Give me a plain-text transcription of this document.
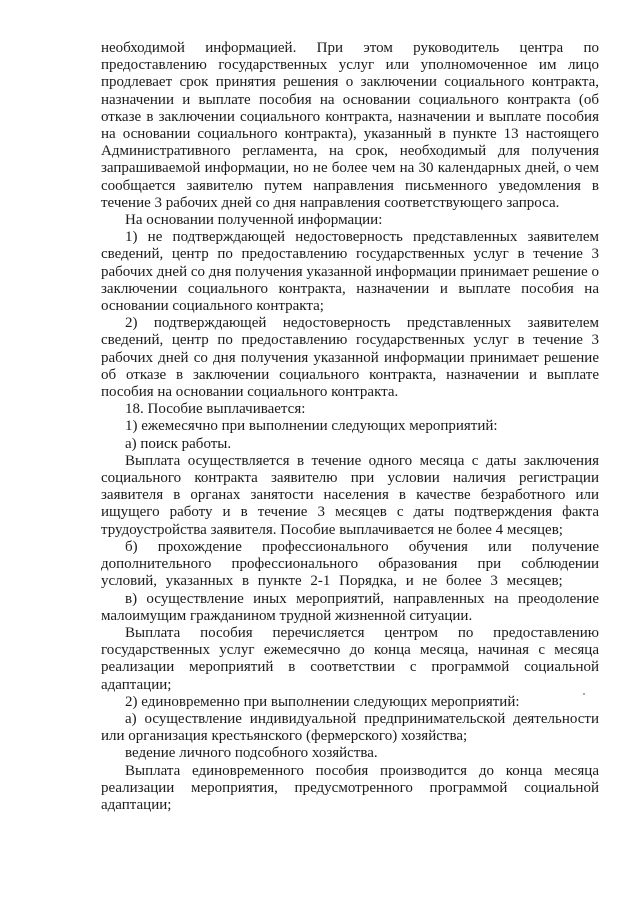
необходимой информацией. При этом руководитель центра по предоставлению государственных услуг или уполномоченное им лицо продлевает срок принятия решения о заключении социального контракта, назначении и выплате пособия на основании социального контракта (об отказе в заключении социального контракта, назначении и выплате пособия на основании социального контракта), указанный в пункте 13 настоящего Административного регламента, на срок, необходимый для получения запрашиваемой информации, но не более чем на 30 календарных дней, о чем сообщается заявителю путем направления письменного уведомления в течение 3 рабочих дней со дня направления соответствующего запроса.

На основании полученной информации:

1) не подтверждающей недостоверность представленных заявителем сведений, центр по предоставлению государственных услуг в течение 3 рабочих дней со дня получения указанной информации принимает решение о заключении социального контракта, назначении и выплате пособия на основании социального контракта;

2) подтверждающей недостоверность представленных заявителем сведений, центр по предоставлению государственных услуг в течение 3 рабочих дней со дня получения указанной информации принимает решение об отказе в заключении социального контракта, назначении и выплате пособия на основании социального контракта.

18. Пособие выплачивается:

1) ежемесячно при выполнении следующих мероприятий:

а) поиск работы.

Выплата осуществляется в течение одного месяца с даты заключения социального контракта заявителю при условии наличия регистрации заявителя в органах занятости населения в качестве безработного или ищущего работу и в течение 3 месяцев с даты подтверждения факта трудоустройства заявителя. Пособие выплачивается не более 4 месяцев;

б) прохождение профессионального обучения или получение дополнительного профессионального образования при соблюдении условий, указанных в пункте 2-1 Порядка, и не более 3 месяцев;

в) осуществление иных мероприятий, направленных на преодоление малоимущим гражданином трудной жизненной ситуации.

Выплата пособия перечисляется центром по предоставлению государственных услуг ежемесячно до конца месяца, начиная с месяца реализации мероприятий в соответствии с программой социальной адаптации;

2) единовременно при выполнении следующих мероприятий:

а) осуществление индивидуальной предпринимательской деятельности или организация крестьянского (фермерского) хозяйства;

ведение личного подсобного хозяйства.

Выплата единовременного пособия производится до конца месяца реализации мероприятия, предусмотренного программой социальной адаптации;
